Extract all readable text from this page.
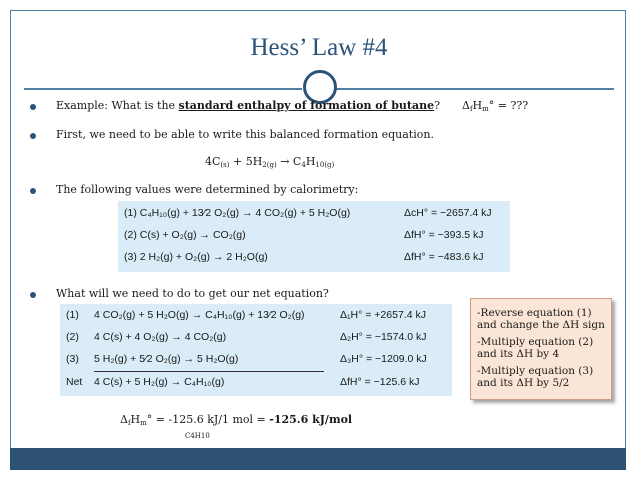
Hess’ Law #4
Example: What is the standard enthalpy of formation of butane? $\Delta_fH_m^\circ$ = ???
First, we need to be able to write this balanced formation equation.
$4C_{(s)} + 5H_{2(g)} \to C_4H_{10(g)}$
The following values were determined by calorimetry:
(1) C₄H₁₀(g) + 13⁄2 O₂(g) → 4 CO₂(g) + 5 H₂O(g)	ΔcH° = −2657.4 kJ
(2) C(s) + O₂(g) → CO₂(g)	ΔfH° = −393.5 kJ
(3) 2 H₂(g) + O₂(g) → 2 H₂O(g)	ΔfH° = −483.6 kJ
What will we need to do to get our net equation?
(1) 4 CO₂(g) + 5 H₂O(g) → C₄H₁₀(g) + 13⁄2 O₂(g)	Δ₁H° = +2657.4 kJ
(2) 4 C(s) + 4 O₂(g) → 4 CO₂(g)	Δ₂H° = −1574.0 kJ
(3) 5 H₂(g) + 5⁄2 O₂(g) → 5 H₂O(g)	Δ₃H° = −1209.0 kJ
Net 4 C(s) + 5 H₂(g) → C₄H₁₀(g)	ΔfH° = −125.6 kJ

-Reverse equation (1) and change the ΔH sign

-Multiply equation (2) and its ΔH by 4

-Multiply equation (3) and its ΔH by 5/2

$\Delta_fH_m^\circ = -125.6$ kJ/1 mol = -125.6 kJ/mol
C4H10
